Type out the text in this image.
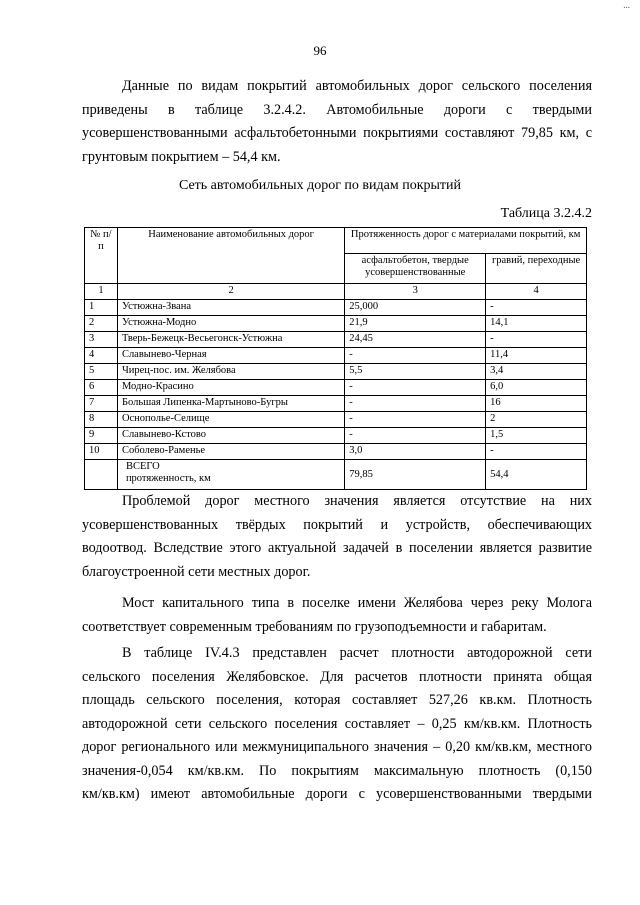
...
96
Данные по видам покрытий автомобильных дорог сельского поселения
приведены в таблице 3.2.4.2. Автомобильные дороги с твердыми
усовершенствованными асфальтобетонными покрытиями составляют 79,85 км, с
грунтовым покрытием – 54,4 км.
Сеть автомобильных дорог по видам покрытий
Таблица 3.2.4.2
№ п/п	Наименование автомобильных дорог	Протяженность дорог с материалами покрытий, км	
		асфальтобетон, твердые усовершенствованные	гравий, переходные
1	2	3	4
1	Устюжна-Звана	25,000	-
2	Устюжна-Модно	21,9	14,1
3	Тверь-Бежецк-Весьегонск-Устюжна	24,45	-
4	Славынево-Черная	-	11,4
5	Чирец-пос. им. Желябова	5,5	3,4
6	Модно-Красино	-	6,0
7	Большая Липенка-Мартыново-Бугры	-	16
8	Оснополье-Селище	-	2
9	Славынево-Кстово	-	1,5
10	Соболево-Раменье	3,0	-

	ВСЕГО
протяженность, км	79,85	54,4
Проблемой дорог местного значения является отсутствие на них
усовершенствованных твёрдых покрытий и устройств, обеспечивающих
водоотвод. Вследствие этого актуальной задачей в поселении является развитие
благоустроенной сети местных дорог.
Мост капитального типа в поселке имени Желябова через реку Молога
соответствует современным требованиям по грузоподъемности и габаритам.
В таблице IV.4.3 представлен расчет плотности автодорожной сети
сельского поселения Желябовское. Для расчетов плотности принята общая
площадь сельского поселения, которая составляет 527,26 кв.км. Плотность
автодорожной сети сельского поселения составляет – 0,25 км/кв.км. Плотность
дорог регионального или межмуниципального значения – 0,20 км/кв.км, местного
значения-0,054 км/кв.км. По покрытиям максимальную плотность (0,150
км/кв.км) имеют автомобильные дороги с усовершенствованными твердыми
